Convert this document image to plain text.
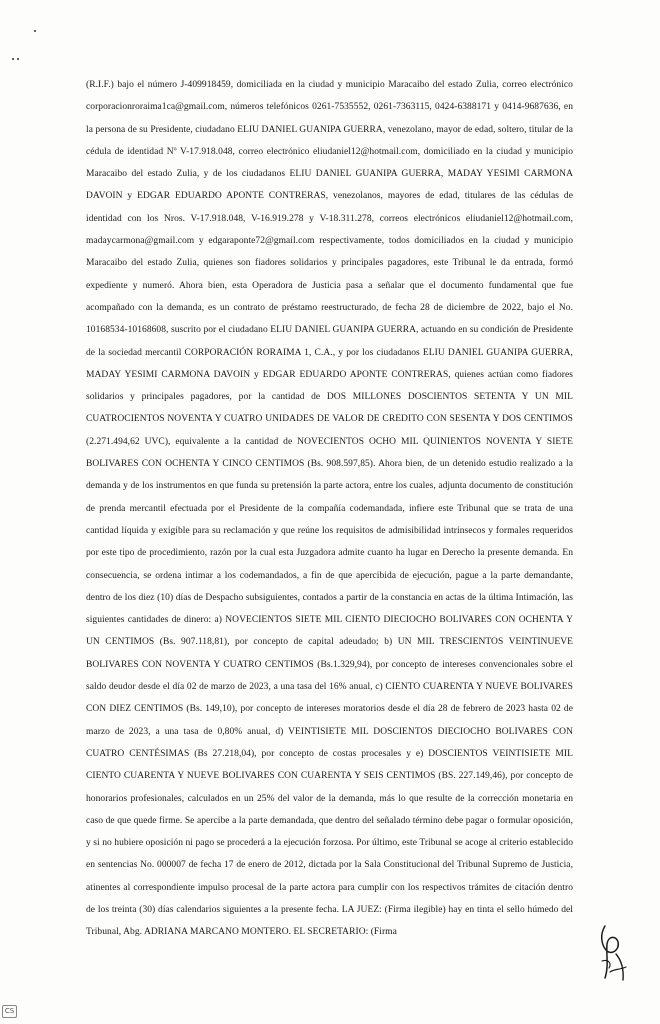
(R.I.F.) bajo el número J-409918459, domiciliada en la ciudad y municipio Maracaibo del estado Zulia, correo electrónico corporacionroraima1ca@gmail.com, números telefónicos 0261-7535552, 0261-7363115, 0424-6388171 y 0414-9687636, en la persona de su Presidente, ciudadano ELIU DANIEL GUANIPA GUERRA, venezolano, mayor de edad, soltero, titular de la cédula de identidad Nº V-17.918.048, correo electrónico eliudaniel12@hotmail.com, domiciliado en la ciudad y municipio Maracaibo del estado Zulia, y de los ciudadanos ELIU DANIEL GUANIPA GUERRA, MADAY YESIMI CARMONA DAVOIN y EDGAR EDUARDO APONTE CONTRERAS, venezolanos, mayores de edad, titulares de las cédulas de identidad con los Nros. V-17.918.048, V-16.919.278 y V-18.311.278, correos electrónicos eliudaniel12@hotmail.com, madaycarmona@gmail.com y edgaraponte72@gmail.com respectivamente, todos domiciliados en la ciudad y municipio Maracaibo del estado Zulia, quienes son fiadores solidarios y principales pagadores, este Tribunal le da entrada, formó expediente y numeró. Ahora bien, esta Operadora de Justicia pasa a señalar que el documento fundamental que fue acompañado con la demanda, es un contrato de préstamo reestructurado, de fecha 28 de diciembre de 2022, bajo el No. 10168534-10168608, suscrito por el ciudadano ELIU DANIEL GUANIPA GUERRA, actuando en su condición de Presidente de la sociedad mercantil CORPORACIÓN RORAIMA 1, C.A., y por los ciudadanos ELIU DANIEL GUANIPA GUERRA, MADAY YESIMI CARMONA DAVOIN y EDGAR EDUARDO APONTE CONTRERAS, quienes actúan como fiadores solidarios y principales pagadores, por la cantidad de DOS MILLONES DOSCIENTOS SETENTA Y UN MIL CUATROCIENTOS NOVENTA Y CUATRO UNIDADES DE VALOR DE CREDITO CON SESENTA Y DOS CENTIMOS (2.271.494,62 UVC), equivalente a la cantidad de NOVECIENTOS OCHO MIL QUINIENTOS NOVENTA Y SIETE BOLIVARES CON OCHENTA Y CINCO CENTIMOS (Bs. 908.597,85). Ahora bien, de un detenido estudio realizado a la demanda y de los instrumentos en que funda su pretensión la parte actora, entre los cuales, adjunta documento de constitución de prenda mercantil efectuada por el Presidente de la compañía codemandada, infiere este Tribunal que se trata de una cantidad líquida y exigible para su reclamación y que reúne los requisitos de admisibilidad intrínsecos y formales requeridos por este tipo de procedimiento, razón por la cual esta Juzgadora admite cuanto ha lugar en Derecho la presente demanda. En consecuencia, se ordena intimar a los codemandados, a fin de que apercibida de ejecución, pague a la parte demandante, dentro de los diez (10) días de Despacho subsiguientes, contados a partir de la constancia en actas de la última Intimación, las siguientes cantidades de dinero: a) NOVECIENTOS SIETE MIL CIENTO DIECIOCHO BOLIVARES CON OCHENTA Y UN CENTIMOS (Bs. 907.118,81), por concepto de capital adeudado; b) UN MIL TRESCIENTOS VEINTINUEVE BOLIVARES CON NOVENTA Y CUATRO CENTIMOS (Bs.1.329,94), por concepto de intereses convencionales sobre el saldo deudor desde el día 02 de marzo de 2023, a una tasa del 16% anual, c) CIENTO CUARENTA Y NUEVE BOLIVARES CON DIEZ CENTIMOS (Bs. 149,10), por concepto de intereses moratorios desde el día 28 de febrero de 2023 hasta 02 de marzo de 2023, a una tasa de 0,80% anual, d) VEINTISIETE MIL DOSCIENTOS DIECIOCHO BOLIVARES CON CUATRO CENTÉSIMAS (Bs 27.218,04), por concepto de costas procesales y e) DOSCIENTOS VEINTISIETE MIL CIENTO CUARENTA Y NUEVE BOLIVARES CON CUARENTA Y SEIS CENTIMOS (BS. 227.149,46), por concepto de honorarios profesionales, calculados en un 25% del valor de la demanda, más lo que resulte de la corrección monetaria en caso de que quede firme. Se apercibe a la parte demandada, que dentro del señalado término debe pagar o formular oposición, y si no hubiere oposición ni pago se procederá a la ejecución forzosa. Por último, este Tribunal se acoge al criterio establecido en sentencias No. 000007 de fecha 17 de enero de 2012, dictada por la Sala Constitucional del Tribunal Supremo de Justicia, atinentes al correspondiente impulso procesal de la parte actora para cumplir con los respectivos trámites de citación dentro de los treinta (30) días calendarios siguientes a la presente fecha. LA JUEZ: (Firma ilegible) hay en tinta el sello húmedo del Tribunal, Abg. ADRIANA MARCANO MONTERO. EL SECRETARIO: (Firma

CS
